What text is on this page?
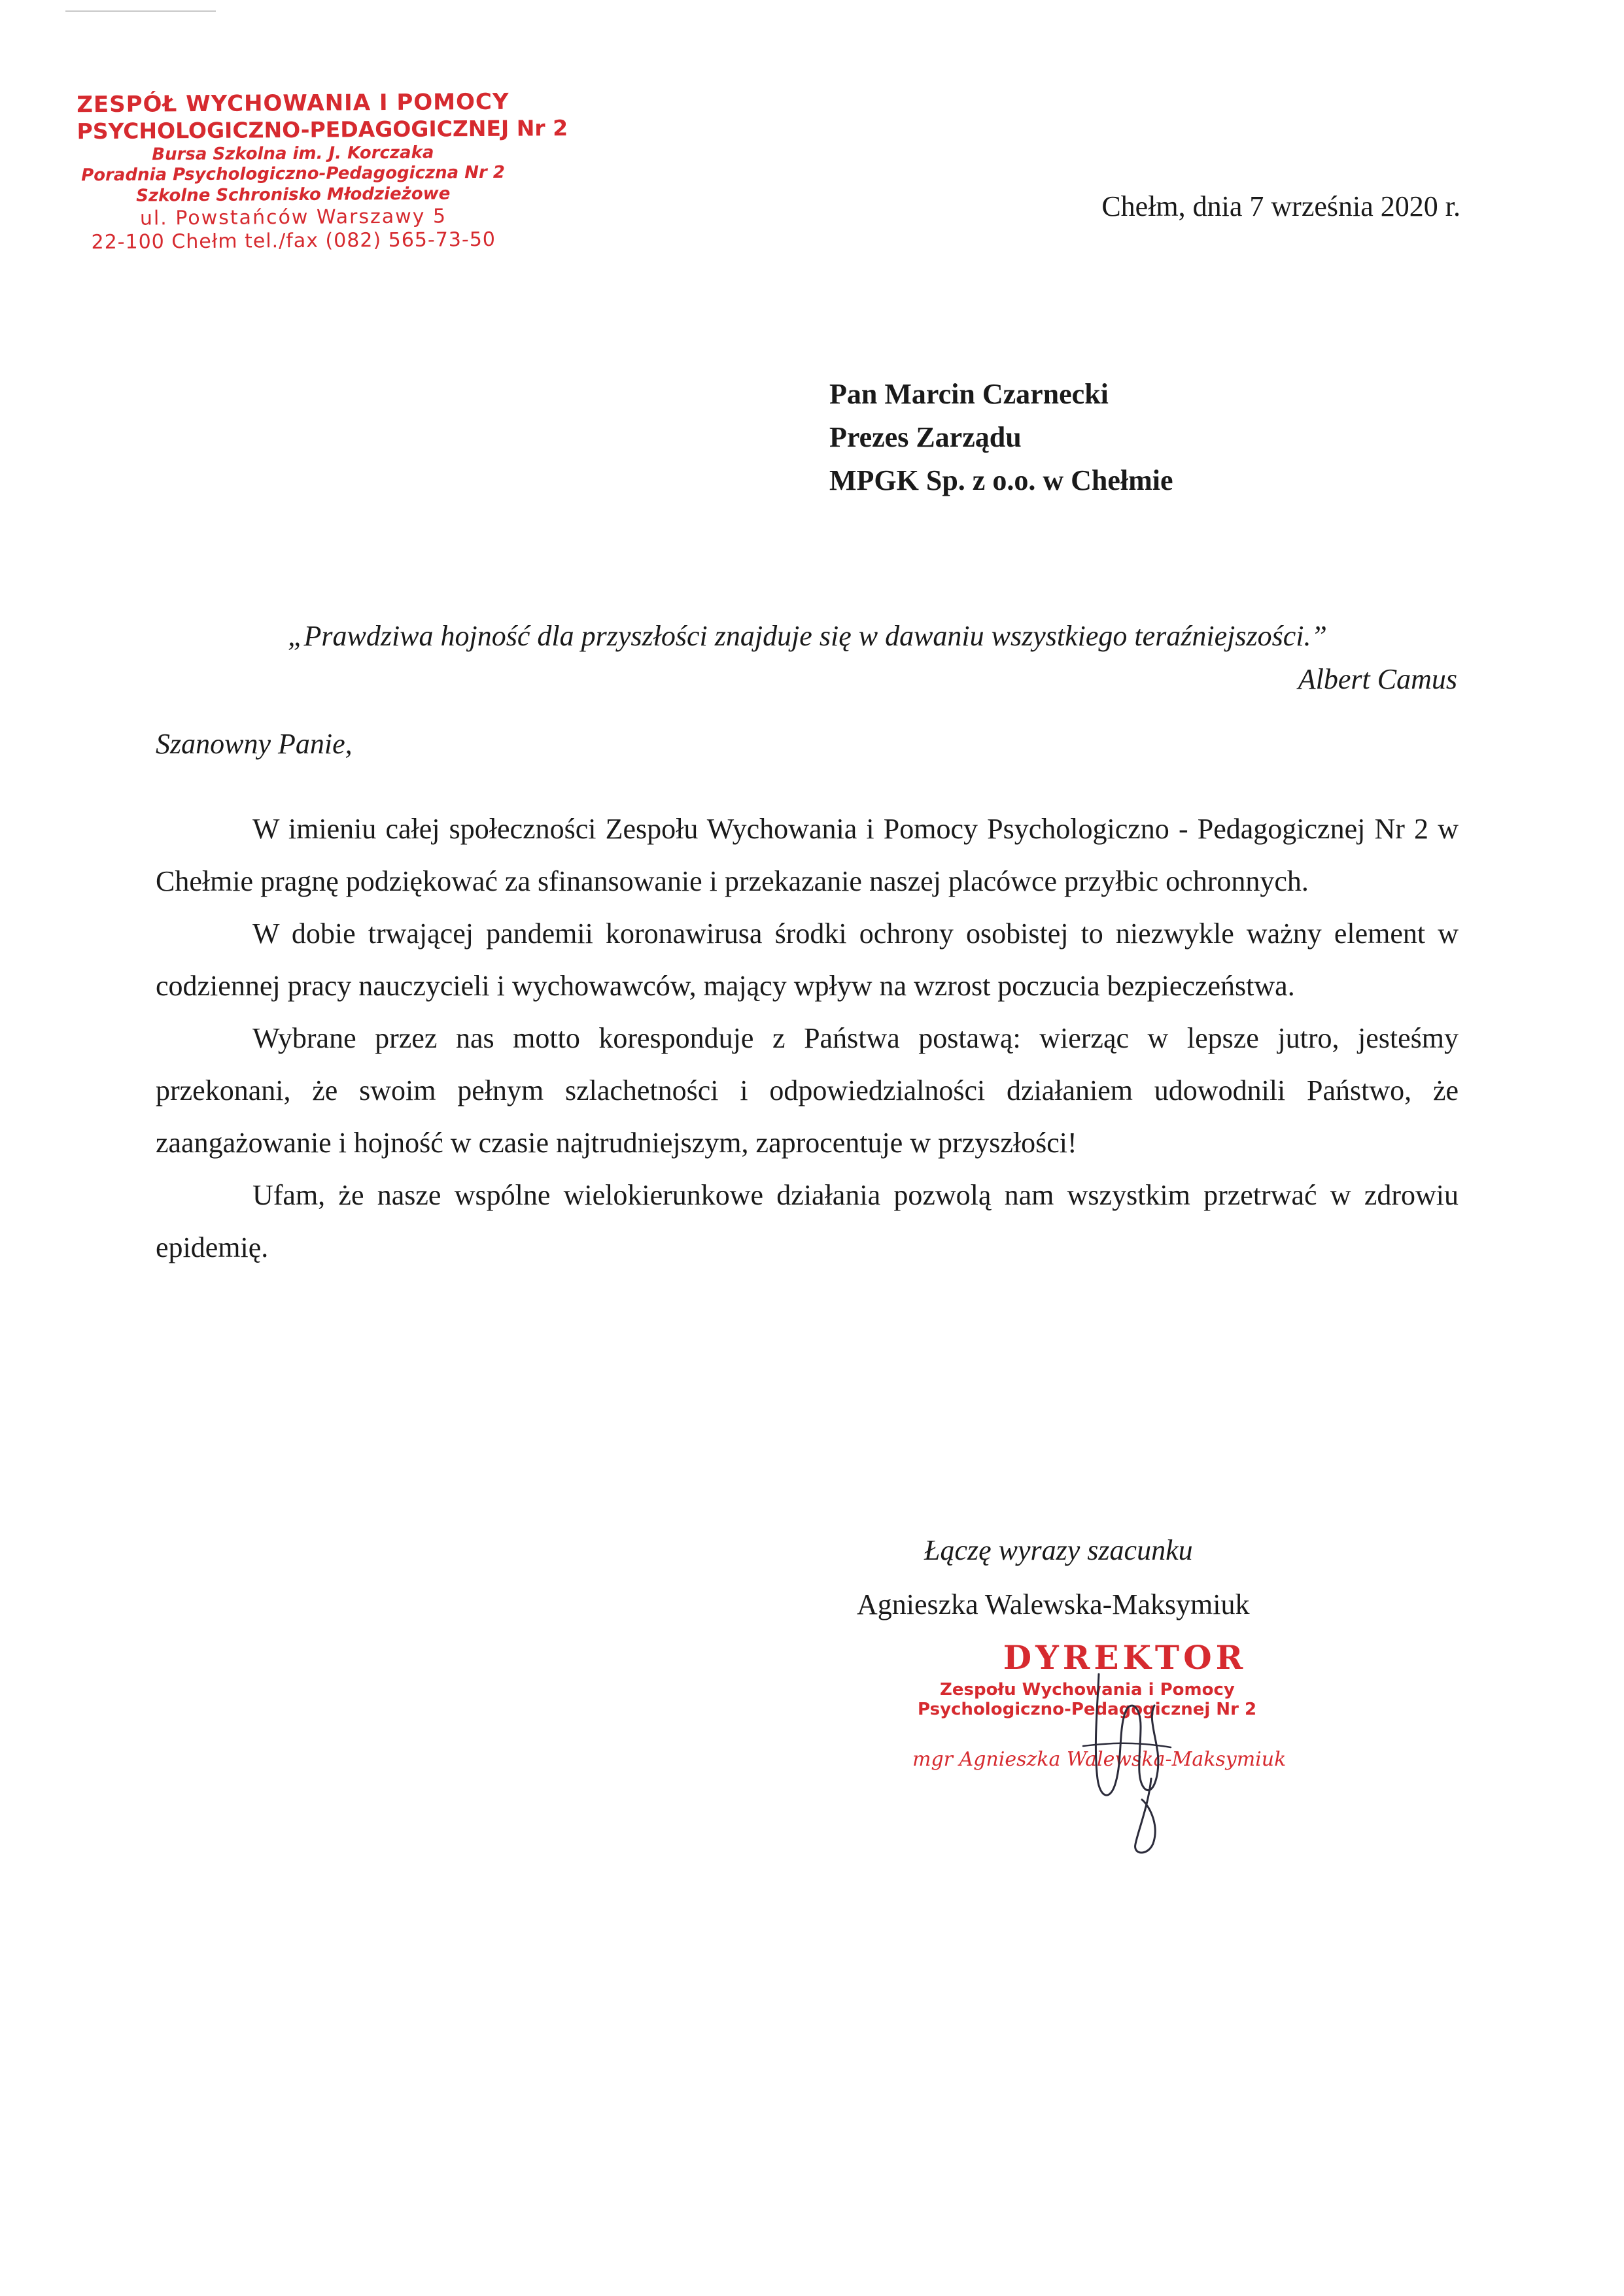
ZESPÓŁ WYCHOWANIA I POMOCY
PSYCHOLOGICZNO-PEDAGOGICZNEJ Nr 2
Bursa Szkolna im. J. Korczaka
Poradnia Psychologiczno-Pedagogiczna Nr 2
Szkolne Schronisko Młodzieżowe
ul. Powstańców Warszawy 5
22-100 Chełm tel./fax (082) 565-73-50
Chełm, dnia 7 września 2020 r.
Pan Marcin Czarnecki
Prezes Zarządu
MPGK Sp. z o.o. w Chełmie
„Prawdziwa hojność dla przyszłości znajduje się w dawaniu wszystkiego teraźniejszości.”
Albert Camus
Szanowny Panie,

W imieniu całej społeczności Zespołu Wychowania i Pomocy Psychologiczno - Pedagogicznej Nr 2 w Chełmie pragnę podziękować za sfinansowanie i przekazanie naszej placówce przyłbic ochronnych.

W dobie trwającej pandemii koronawirusa środki ochrony osobistej to niezwykle ważny element w codziennej pracy nauczycieli i wychowawców, mający wpływ na wzrost poczucia bezpieczeństwa.

Wybrane przez nas motto koresponduje z Państwa postawą: wierząc w lepsze jutro, jesteśmy przekonani, że swoim pełnym szlachetności i odpowiedzialności działaniem udowodnili Państwo, że zaangażowanie i hojność w czasie najtrudniejszym, zaprocentuje w przyszłości!

Ufam, że nasze wspólne wielokierunkowe działania pozwolą nam wszystkim przetrwać w zdrowiu epidemię.

Łączę wyrazy szacunku
Agnieszka Walewska-Maksymiuk
DYREKTOR
Zespołu Wychowania i Pomocy
Psychologiczno-Pedagogicznej Nr 2
mgr Agnieszka Walewska-Maksymiuk
